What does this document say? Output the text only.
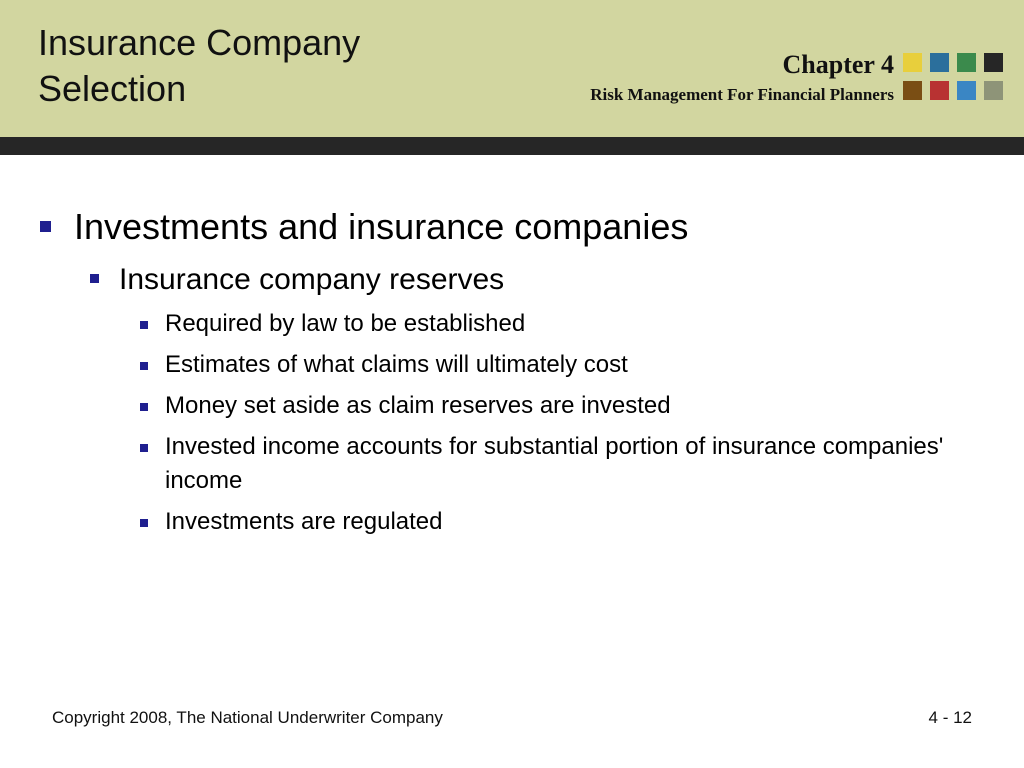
Insurance Company Selection
Chapter 4
Risk Management For Financial Planners
Investments and insurance companies
Insurance company reserves
Required by law to be established
Estimates of what claims will ultimately cost
Money set aside as claim reserves are invested
Invested income accounts for substantial portion of insurance companies' income
Investments are regulated
Copyright 2008, The National Underwriter Company	4 - 12
